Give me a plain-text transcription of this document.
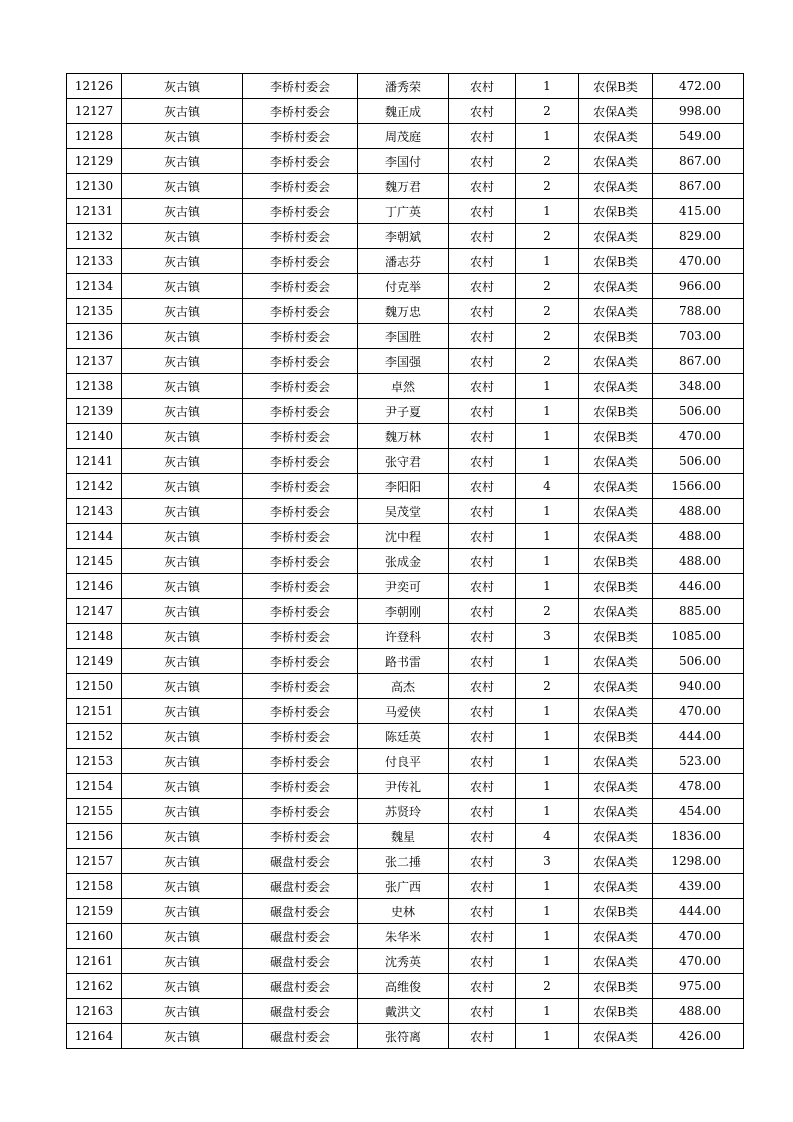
12126	灰古镇	李桥村委会	潘秀荣	农村	1	农保B类	472.00
12127	灰古镇	李桥村委会	魏正成	农村	2	农保A类	998.00
12128	灰古镇	李桥村委会	周茂庭	农村	1	农保A类	549.00
12129	灰古镇	李桥村委会	李国付	农村	2	农保A类	867.00
12130	灰古镇	李桥村委会	魏万君	农村	2	农保A类	867.00
12131	灰古镇	李桥村委会	丁广英	农村	1	农保B类	415.00
12132	灰古镇	李桥村委会	李朝斌	农村	2	农保A类	829.00
12133	灰古镇	李桥村委会	潘志芬	农村	1	农保B类	470.00
12134	灰古镇	李桥村委会	付克举	农村	2	农保A类	966.00
12135	灰古镇	李桥村委会	魏万忠	农村	2	农保A类	788.00
12136	灰古镇	李桥村委会	李国胜	农村	2	农保B类	703.00
12137	灰古镇	李桥村委会	李国强	农村	2	农保A类	867.00
12138	灰古镇	李桥村委会	卓然	农村	1	农保A类	348.00
12139	灰古镇	李桥村委会	尹子夏	农村	1	农保B类	506.00
12140	灰古镇	李桥村委会	魏万林	农村	1	农保B类	470.00
12141	灰古镇	李桥村委会	张守君	农村	1	农保A类	506.00
12142	灰古镇	李桥村委会	李阳阳	农村	4	农保A类	1566.00
12143	灰古镇	李桥村委会	吴茂堂	农村	1	农保A类	488.00
12144	灰古镇	李桥村委会	沈中程	农村	1	农保A类	488.00
12145	灰古镇	李桥村委会	张成金	农村	1	农保B类	488.00
12146	灰古镇	李桥村委会	尹奕可	农村	1	农保B类	446.00
12147	灰古镇	李桥村委会	李朝刚	农村	2	农保A类	885.00
12148	灰古镇	李桥村委会	许登科	农村	3	农保B类	1085.00
12149	灰古镇	李桥村委会	路书雷	农村	1	农保A类	506.00
12150	灰古镇	李桥村委会	高杰	农村	2	农保A类	940.00
12151	灰古镇	李桥村委会	马爱侠	农村	1	农保A类	470.00
12152	灰古镇	李桥村委会	陈廷英	农村	1	农保B类	444.00
12153	灰古镇	李桥村委会	付良平	农村	1	农保A类	523.00
12154	灰古镇	李桥村委会	尹传礼	农村	1	农保A类	478.00
12155	灰古镇	李桥村委会	苏贤玲	农村	1	农保A类	454.00
12156	灰古镇	李桥村委会	魏星	农村	4	农保A类	1836.00
12157	灰古镇	碾盘村委会	张二捶	农村	3	农保A类	1298.00
12158	灰古镇	碾盘村委会	张广西	农村	1	农保A类	439.00
12159	灰古镇	碾盘村委会	史林	农村	1	农保B类	444.00
12160	灰古镇	碾盘村委会	朱华米	农村	1	农保A类	470.00
12161	灰古镇	碾盘村委会	沈秀英	农村	1	农保A类	470.00
12162	灰古镇	碾盘村委会	高维俊	农村	2	农保B类	975.00
12163	灰古镇	碾盘村委会	戴洪文	农村	1	农保B类	488.00
12164	灰古镇	碾盘村委会	张符离	农村	1	农保A类	426.00
